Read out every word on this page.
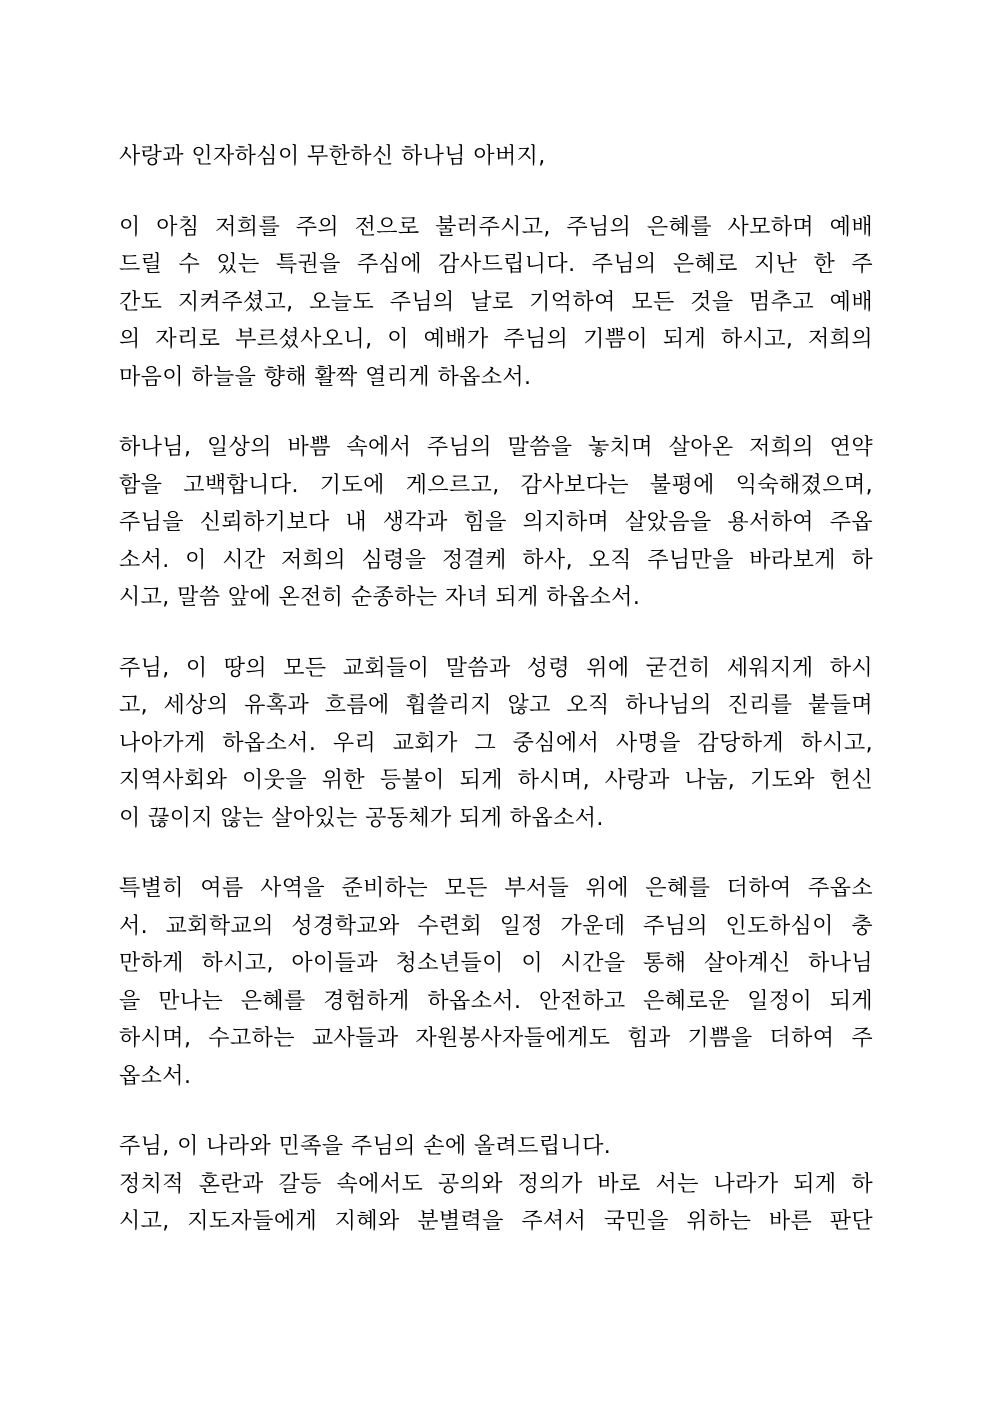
사랑과 인자하심이 무한하신 하나님 아버지,
이 아침 저희를 주의 전으로 불러주시고, 주님의 은혜를 사모하며 예배
드릴 수 있는 특권을 주심에 감사드립니다. 주님의 은혜로 지난 한 주
간도 지켜주셨고, 오늘도 주님의 날로 기억하여 모든 것을 멈추고 예배
의 자리로 부르셨사오니, 이 예배가 주님의 기쁨이 되게 하시고, 저희의
마음이 하늘을 향해 활짝 열리게 하옵소서.
하나님, 일상의 바쁨 속에서 주님의 말씀을 놓치며 살아온 저희의 연약
함을 고백합니다. 기도에 게으르고, 감사보다는 불평에 익숙해졌으며,
주님을 신뢰하기보다 내 생각과 힘을 의지하며 살았음을 용서하여 주옵
소서. 이 시간 저희의 심령을 정결케 하사, 오직 주님만을 바라보게 하
시고, 말씀 앞에 온전히 순종하는 자녀 되게 하옵소서.
주님, 이 땅의 모든 교회들이 말씀과 성령 위에 굳건히 세워지게 하시
고, 세상의 유혹과 흐름에 휩쓸리지 않고 오직 하나님의 진리를 붙들며
나아가게 하옵소서. 우리 교회가 그 중심에서 사명을 감당하게 하시고,
지역사회와 이웃을 위한 등불이 되게 하시며, 사랑과 나눔, 기도와 헌신
이 끊이지 않는 살아있는 공동체가 되게 하옵소서.
특별히 여름 사역을 준비하는 모든 부서들 위에 은혜를 더하여 주옵소
서. 교회학교의 성경학교와 수련회 일정 가운데 주님의 인도하심이 충
만하게 하시고, 아이들과 청소년들이 이 시간을 통해 살아계신 하나님
을 만나는 은혜를 경험하게 하옵소서. 안전하고 은혜로운 일정이 되게
하시며, 수고하는 교사들과 자원봉사자들에게도 힘과 기쁨을 더하여 주
옵소서.
주님, 이 나라와 민족을 주님의 손에 올려드립니다.
정치적 혼란과 갈등 속에서도 공의와 정의가 바로 서는 나라가 되게 하
시고, 지도자들에게 지혜와 분별력을 주셔서 국민을 위하는 바른 판단
